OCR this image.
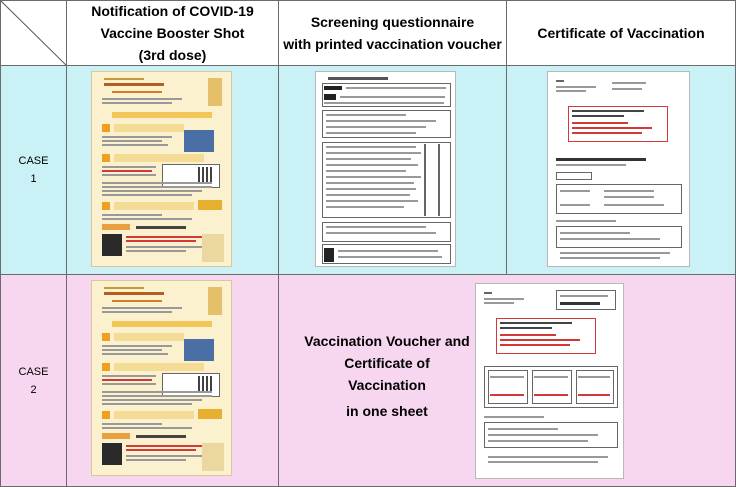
Notification of COVID-19
Vaccine Booster Shot
(3rd dose)
Screening questionnaire
with printed vaccination voucher
Certificate of Vaccination
CASE
1
CASE
2
Vaccination Voucher and
Certificate of
Vaccination
in one sheet
